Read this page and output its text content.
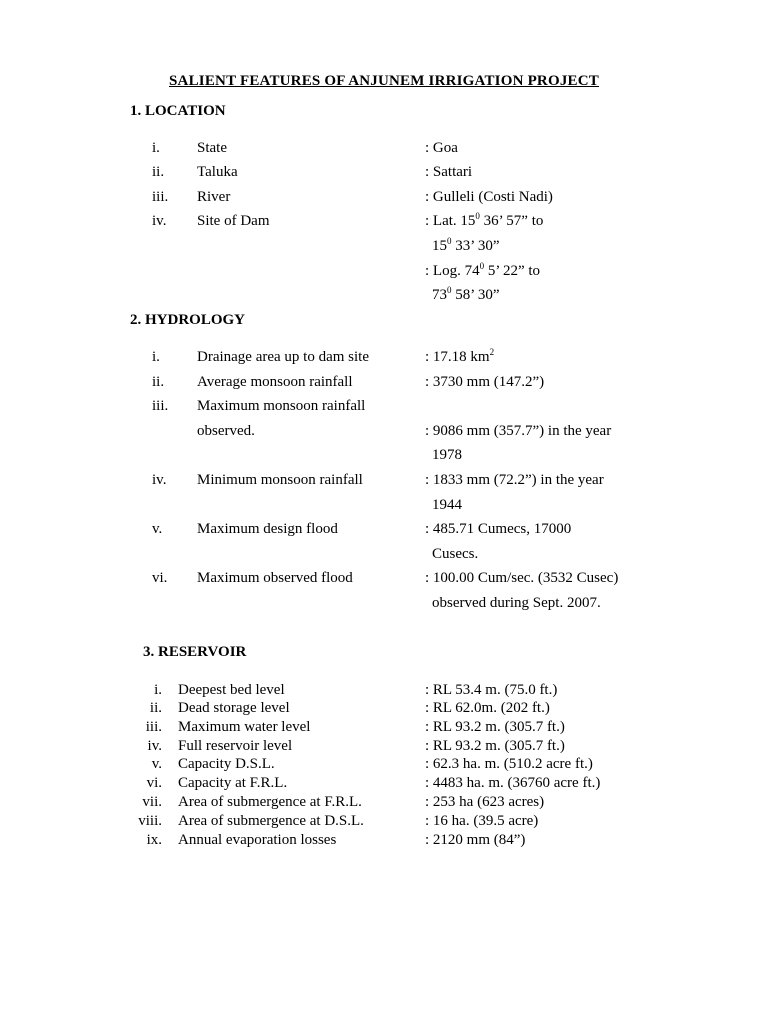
SALIENT FEATURES OF ANJUNEM IRRIGATION PROJECT
1. LOCATION
i.	State	: Goa
ii.	Taluka	: Sattari
iii.	River	: Gulleli (Costi Nadi)
iv.	Site of Dam	: Lat. $15^0$ 36’ 57” to
$15^0$ 33’ 30”
: Log. $74^0$ 5’ 22” to
$73^0$ 58’ 30”
2. HYDROLOGY
i.	Drainage area up to dam site	: 17.18 $km^2$
ii.	Average monsoon rainfall	: 3730 mm (147.2”)
iii.	Maximum monsoon rainfall
observed.	: 9086 mm (357.7”) in the year
1978
iv.	Minimum monsoon rainfall	: 1833 mm (72.2”) in the year
1944
v.	Maximum design flood	: 485.71 Cumecs, 17000
Cusecs.
vi.	Maximum observed flood	: 100.00 Cum/sec. (3532 Cusec)
observed during Sept. 2007.
3. RESERVOIR
i. Deepest bed level	: RL 53.4 m. (75.0 ft.)
ii. Dead storage level	: RL 62.0m. (202 ft.)
iii. Maximum water level	: RL 93.2 m. (305.7 ft.)
iv. Full reservoir level	: RL 93.2 m. (305.7 ft.)
v. Capacity D.S.L.	: 62.3 ha. m. (510.2 acre ft.)
vi. Capacity at F.R.L.	: 4483 ha. m. (36760 acre ft.)
vii. Area of submergence at F.R.L.	: 253 ha (623 acres)
viii. Area of submergence at D.S.L.	: 16 ha. (39.5 acre)
ix. Annual evaporation losses	: 2120 mm (84”)
